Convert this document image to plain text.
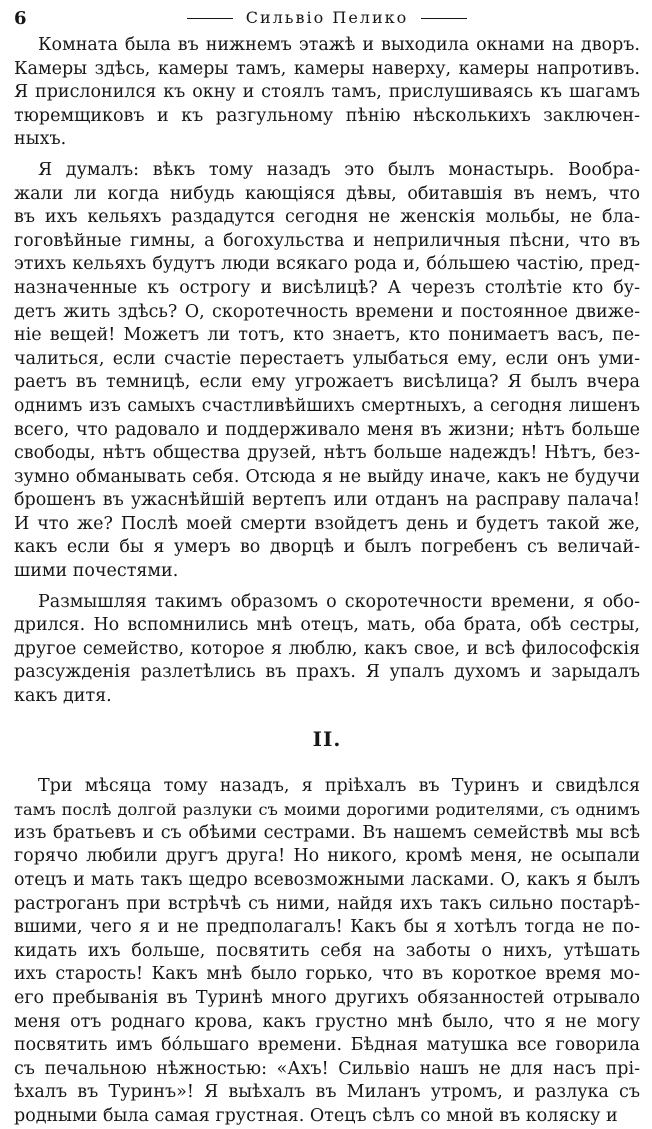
6	Сильвіо Пелико

Комната была въ нижнемъ этажѣ и выходила окнами на дворъ.
Камеры здѣсь, камеры тамъ, камеры наверху, камеры напротивъ.
Я прислонился къ окну и стоялъ тамъ, прислушиваясь къ шагамъ
тюремщиковъ и къ разгульному пѣнію нѣсколькихъ заключен-
ныхъ.

Я думалъ: вѣкъ тому назадъ это былъ монастырь. Вообра-
жали ли когда нибудь кающіяся дѣвы, обитавшія въ немъ, что
въ ихъ кельяхъ раздадутся сегодня не женскія мольбы, не бла-
гоговѣйные гимны, а богохульства и неприличныя пѣсни, что въ
этихъ кельяхъ будутъ люди всякаго рода и, бóльшею частію, пред-
назначенные къ острогу и висѣлицѣ? А черезъ столѣтіе кто бу-
детъ жить здѣсь? О, скоротечность времени и постоянное движе-
ніе вещей! Можетъ ли тотъ, кто знаетъ, кто понимаетъ васъ, пе-
чалиться, если счастіе перестаетъ улыбаться ему, если онъ уми-
раетъ въ темницѣ, если ему угрожаетъ висѣлица? Я былъ вчера
однимъ изъ самыхъ счастливѣйшихъ смертныхъ, а сегодня лишенъ
всего, что радовало и поддерживало меня въ жизни; нѣтъ больше
свободы, нѣтъ общества друзей, нѣтъ больше надеждъ! Нѣтъ, без-
зумно обманывать себя. Отсюда я не выйду иначе, какъ не будучи
брошенъ въ ужаснѣйшій вертепъ или отданъ на расправу палача!
И что же? Послѣ моей смерти взойдетъ день и будетъ такой же,
какъ если бы я умеръ во дворцѣ и былъ погребенъ съ величай-
шими почестями.

Размышляя такимъ образомъ о скоротечности времени, я обо-
дрился. Но вспомнились мнѣ отецъ, мать, оба брата, обѣ сестры,
другое семейство, которое я люблю, какъ свое, и всѣ философскія
разсужденія разлетѣлись въ прахъ. Я упалъ духомъ и зарыдалъ
какъ дитя.

II.

Три мѣсяца тому назадъ, я пріѣхалъ въ Туринъ и свидѣлся
тамъ послѣ долгой разлуки съ моими дорогими родителями, съ однимъ
изъ братьевъ и съ обѣими сестрами. Въ нашемъ семействѣ мы всѣ
горячо любили другъ друга! Но никого, кромѣ меня, не осыпали
отецъ и мать такъ щедро всевозможными ласками. О, какъ я былъ
растроганъ при встрѣчѣ съ ними, найдя ихъ такъ сильно постарѣ-
вшими, чего я и не предполагалъ! Какъ бы я хотѣлъ тогда не по-
кидать ихъ больше, посвятить себя на заботы о нихъ, утѣшать
ихъ старость! Какъ мнѣ было горько, что въ короткое время мо-
его пребыванія въ Туринѣ много другихъ обязанностей отрывало
меня отъ роднаго крова, какъ грустно мнѣ было, что я не могу
посвятить имъ бóльшаго времени. Бѣдная матушка все говорила
съ печальною нѣжностью: «Ахъ! Сильвіо нашъ не для насъ прі-
ѣхалъ въ Туринъ»! Я выѣхалъ въ Миланъ утромъ, и разлука съ
родными была самая грустная. Отецъ сѣлъ со мной въ коляску и
